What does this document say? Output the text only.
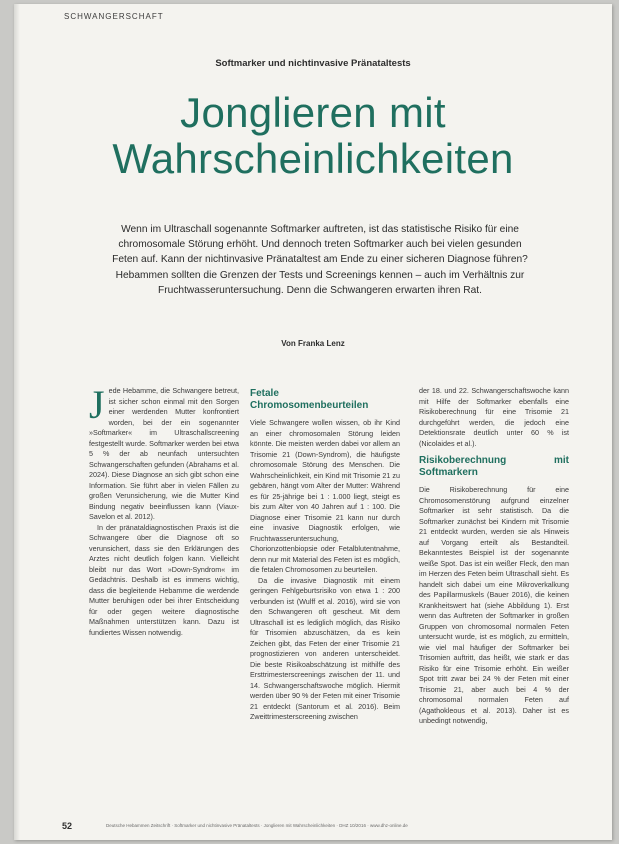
SCHWANGERSCHAFT
Softmarker und nichtinvasive Pränataltests
Jonglieren mit
Wahrscheinlichkeiten

Wenn im Ultraschall sogenannte Softmarker auftreten, ist das statistische Risiko für eine chromosomale Störung erhöht. Und dennoch treten Softmarker auch bei vielen gesunden Feten auf. Kann der nichtinvasive Pränataltest am Ende zu einer sicheren Diagnose führen? Hebammen sollten die Grenzen der Tests und Screenings kennen – auch im Verhältnis zur Fruchtwasseruntersuchung. Denn die Schwangeren erwarten ihren Rat.

Von Franka Lenz

Jede Hebamme, die Schwangere betreut, ist sicher schon einmal mit den Sorgen einer werdenden Mutter konfrontiert worden, bei der ein sogenannter »Softmarker« im Ultraschallscreening festgestellt wurde. Softmarker werden bei etwa 5 % der ab neunfach untersuchten Schwangerschaften gefunden (Abrahams et al. 2024). Diese Diagnose an sich gibt schon eine Information. Sie führt aber in vielen Fällen zu großen Verunsicherung, wie die Mutter Kind Bindung negativ beeinflussen kann (Viaux-Savelon et al. 2012).

In der pränataldiagnostischen Praxis ist die Schwangere über die Diagnose oft so verunsichert, dass sie den Erklärungen des Arztes nicht deutlich folgen kann. Vielleicht bleibt nur das Wort »Down-Syndrom« im Gedächtnis. Deshalb ist es immens wichtig, dass die begleitende Hebamme die werdende Mutter beruhigen oder bei ihrer Entscheidung für oder gegen weitere diagnostische Maßnahmen unterstützen kann. Dazu ist fundiertes Wissen notwendig.

Fetale Chromosomenbeurteilen

Viele Schwangere wollen wissen, ob ihr Kind an einer chromosomalen Störung leiden könnte. Die meisten werden dabei vor allem an Trisomie 21 (Down-Syndrom), die häufigste chromosomale Störung des Menschen. Die Wahrscheinlichkeit, ein Kind mit Trisomie 21 zu gebären, hängt vom Alter der Mutter: Während es für 25-jährige bei 1 : 1.000 liegt, steigt es bis zum Alter von 40 Jahren auf 1 : 100. Die Diagnose einer Trisomie 21 kann nur durch eine invasive Diagnostik erfolgen, wie Fruchtwasseruntersuchung, Chorionzottenbiopsie oder Fetalblutentnahme, denn nur mit Material des Feten ist es möglich, die fetalen Chromosomen zu beurteilen.

Da die invasive Diagnostik mit einem geringen Fehlgeburtsrisiko von etwa 1 : 200 verbunden ist (Wulff et al. 2016), wird sie von den Schwangeren oft gescheut. Mit dem Ultraschall ist es lediglich möglich, das Risiko für Trisomien abzuschätzen, da es kein Zeichen gibt, das Feten der einer Trisomie 21 prognostizieren von anderen unterscheidet. Die beste Risikoabschätzung ist mithilfe des Ersttrimesterscreenings zwischen der 11. und 14. Schwangerschaftswoche möglich. Hiermit werden über 90 % der Feten mit einer Trisomie 21 entdeckt (Santorum et al. 2016). Beim Zweittrimesterscreening zwischen

der 18. und 22. Schwangerschaftswoche kann mit Hilfe der Softmarker ebenfalls eine Risikoberechnung für eine Trisomie 21 durchgeführt werden, die jedoch eine Detektionsrate deutlich unter 60 % ist (Nicolaides et al.).

Risikoberechnung mit Softmarkern

Die Risikoberechnung für eine Chromosomenstörung aufgrund einzelner Softmarker ist sehr statistisch. Da die Softmarker zunächst bei Kindern mit Trisomie 21 entdeckt wurden, werden sie als Hinweis auf Vorgang erteilt als Bestandteil. Bekanntestes Beispiel ist der sogenannte weiße Spot. Das ist ein weißer Fleck, den man im Herzen des Feten beim Ultraschall sieht. Es handelt sich dabei um eine Mikroverkalkung des Papillarmuskels (Bauer 2016), die keinen Krankheitswert hat (siehe Abbildung 1). Erst wenn das Auftreten der Softmarker in großen Gruppen von chromosomal normalen Feten untersucht wurde, ist es möglich, zu ermitteln, wie viel mal häufiger der Softmarker bei Trisomien auftritt, das heißt, wie stark er das Risiko für eine Trisomie erhöht. Ein weißer Spot tritt zwar bei 24 % der Feten mit einer Trisomie 21, aber auch bei 4 % der chromosomal normalen Feten auf (Agathokleous et al. 2013). Daher ist es unbedingt notwendig,

52	Deutsche Hebammen Zeitschrift · Softmarker und nichtinvasive Pränataltests · Jonglieren mit Wahrscheinlichkeiten · DHZ 10/2016 · www.dhz-online.de
